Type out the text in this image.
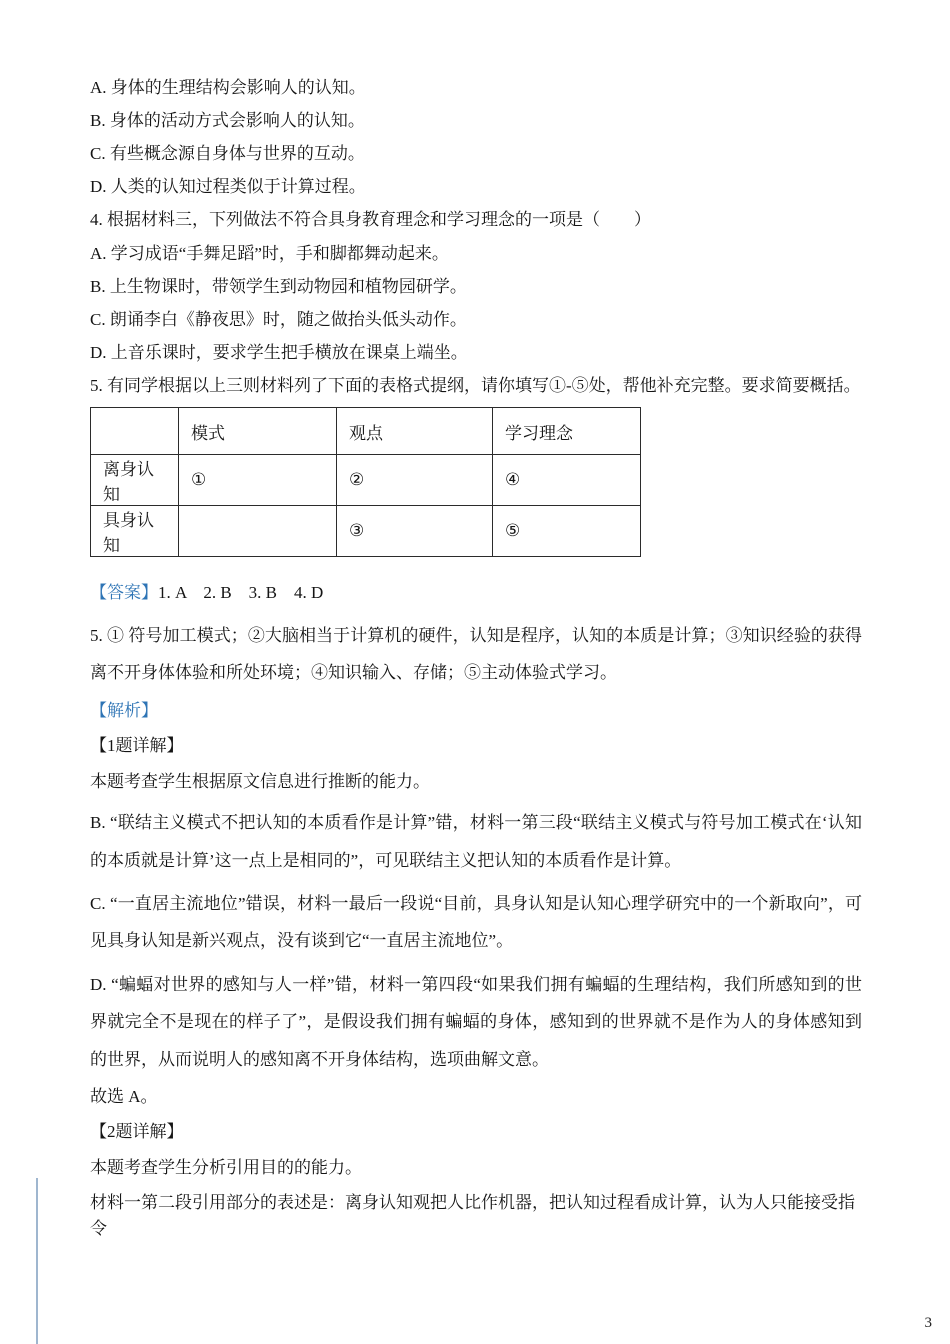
A. 身体的生理结构会影响人的认知。

B. 身体的活动方式会影响人的认知。

C. 有些概念源自身体与世界的互动。

D. 人类的认知过程类似于计算过程。

4. 根据材料三，下列做法不符合具身教育理念和学习理念的一项是（　　）

A. 学习成语“手舞足蹈”时，手和脚都舞动起来。

B. 上生物课时，带领学生到动物园和植物园研学。

C. 朗诵李白《静夜思》时，随之做抬头低头动作。

D. 上音乐课时，要求学生把手横放在课桌上端坐。

5. 有同学根据以上三则材料列了下面的表格式提纲，请你填写①-⑤处，帮他补充完整。要求简要概括。

	模式	观点	学习理念
离身认知	①	②	④
具身认知		③	⑤

【答案】1. A　2. B　3. B　4. D

5. ① 符号加工模式；②大脑相当于计算机的硬件，认知是程序，认知的本质是计算；③知识经验的获得离不开身体体验和所处环境；④知识输入、存储；⑤主动体验式学习。

【解析】

【1题详解】

本题考查学生根据原文信息进行推断的能力。

B. “联结主义模式不把认知的本质看作是计算”错，材料一第三段“联结主义模式与符号加工模式在‘认知的本质就是计算’这一点上是相同的”，可见联结主义把认知的本质看作是计算。

C. “一直居主流地位”错误，材料一最后一段说“目前，具身认知是认知心理学研究中的一个新取向”，可见具身认知是新兴观点，没有谈到它“一直居主流地位”。

D. “蝙蝠对世界的感知与人一样”错，材料一第四段“如果我们拥有蝙蝠的生理结构，我们所感知到的世界就完全不是现在的样子了”，是假设我们拥有蝙蝠的身体，感知到的世界就不是作为人的身体感知到的世界，从而说明人的感知离不开身体结构，选项曲解文意。

故选 A。

【2题详解】

本题考查学生分析引用目的的能力。

材料一第二段引用部分的表述是：离身认知观把人比作机器，把认知过程看成计算，认为人只能接受指令

3
